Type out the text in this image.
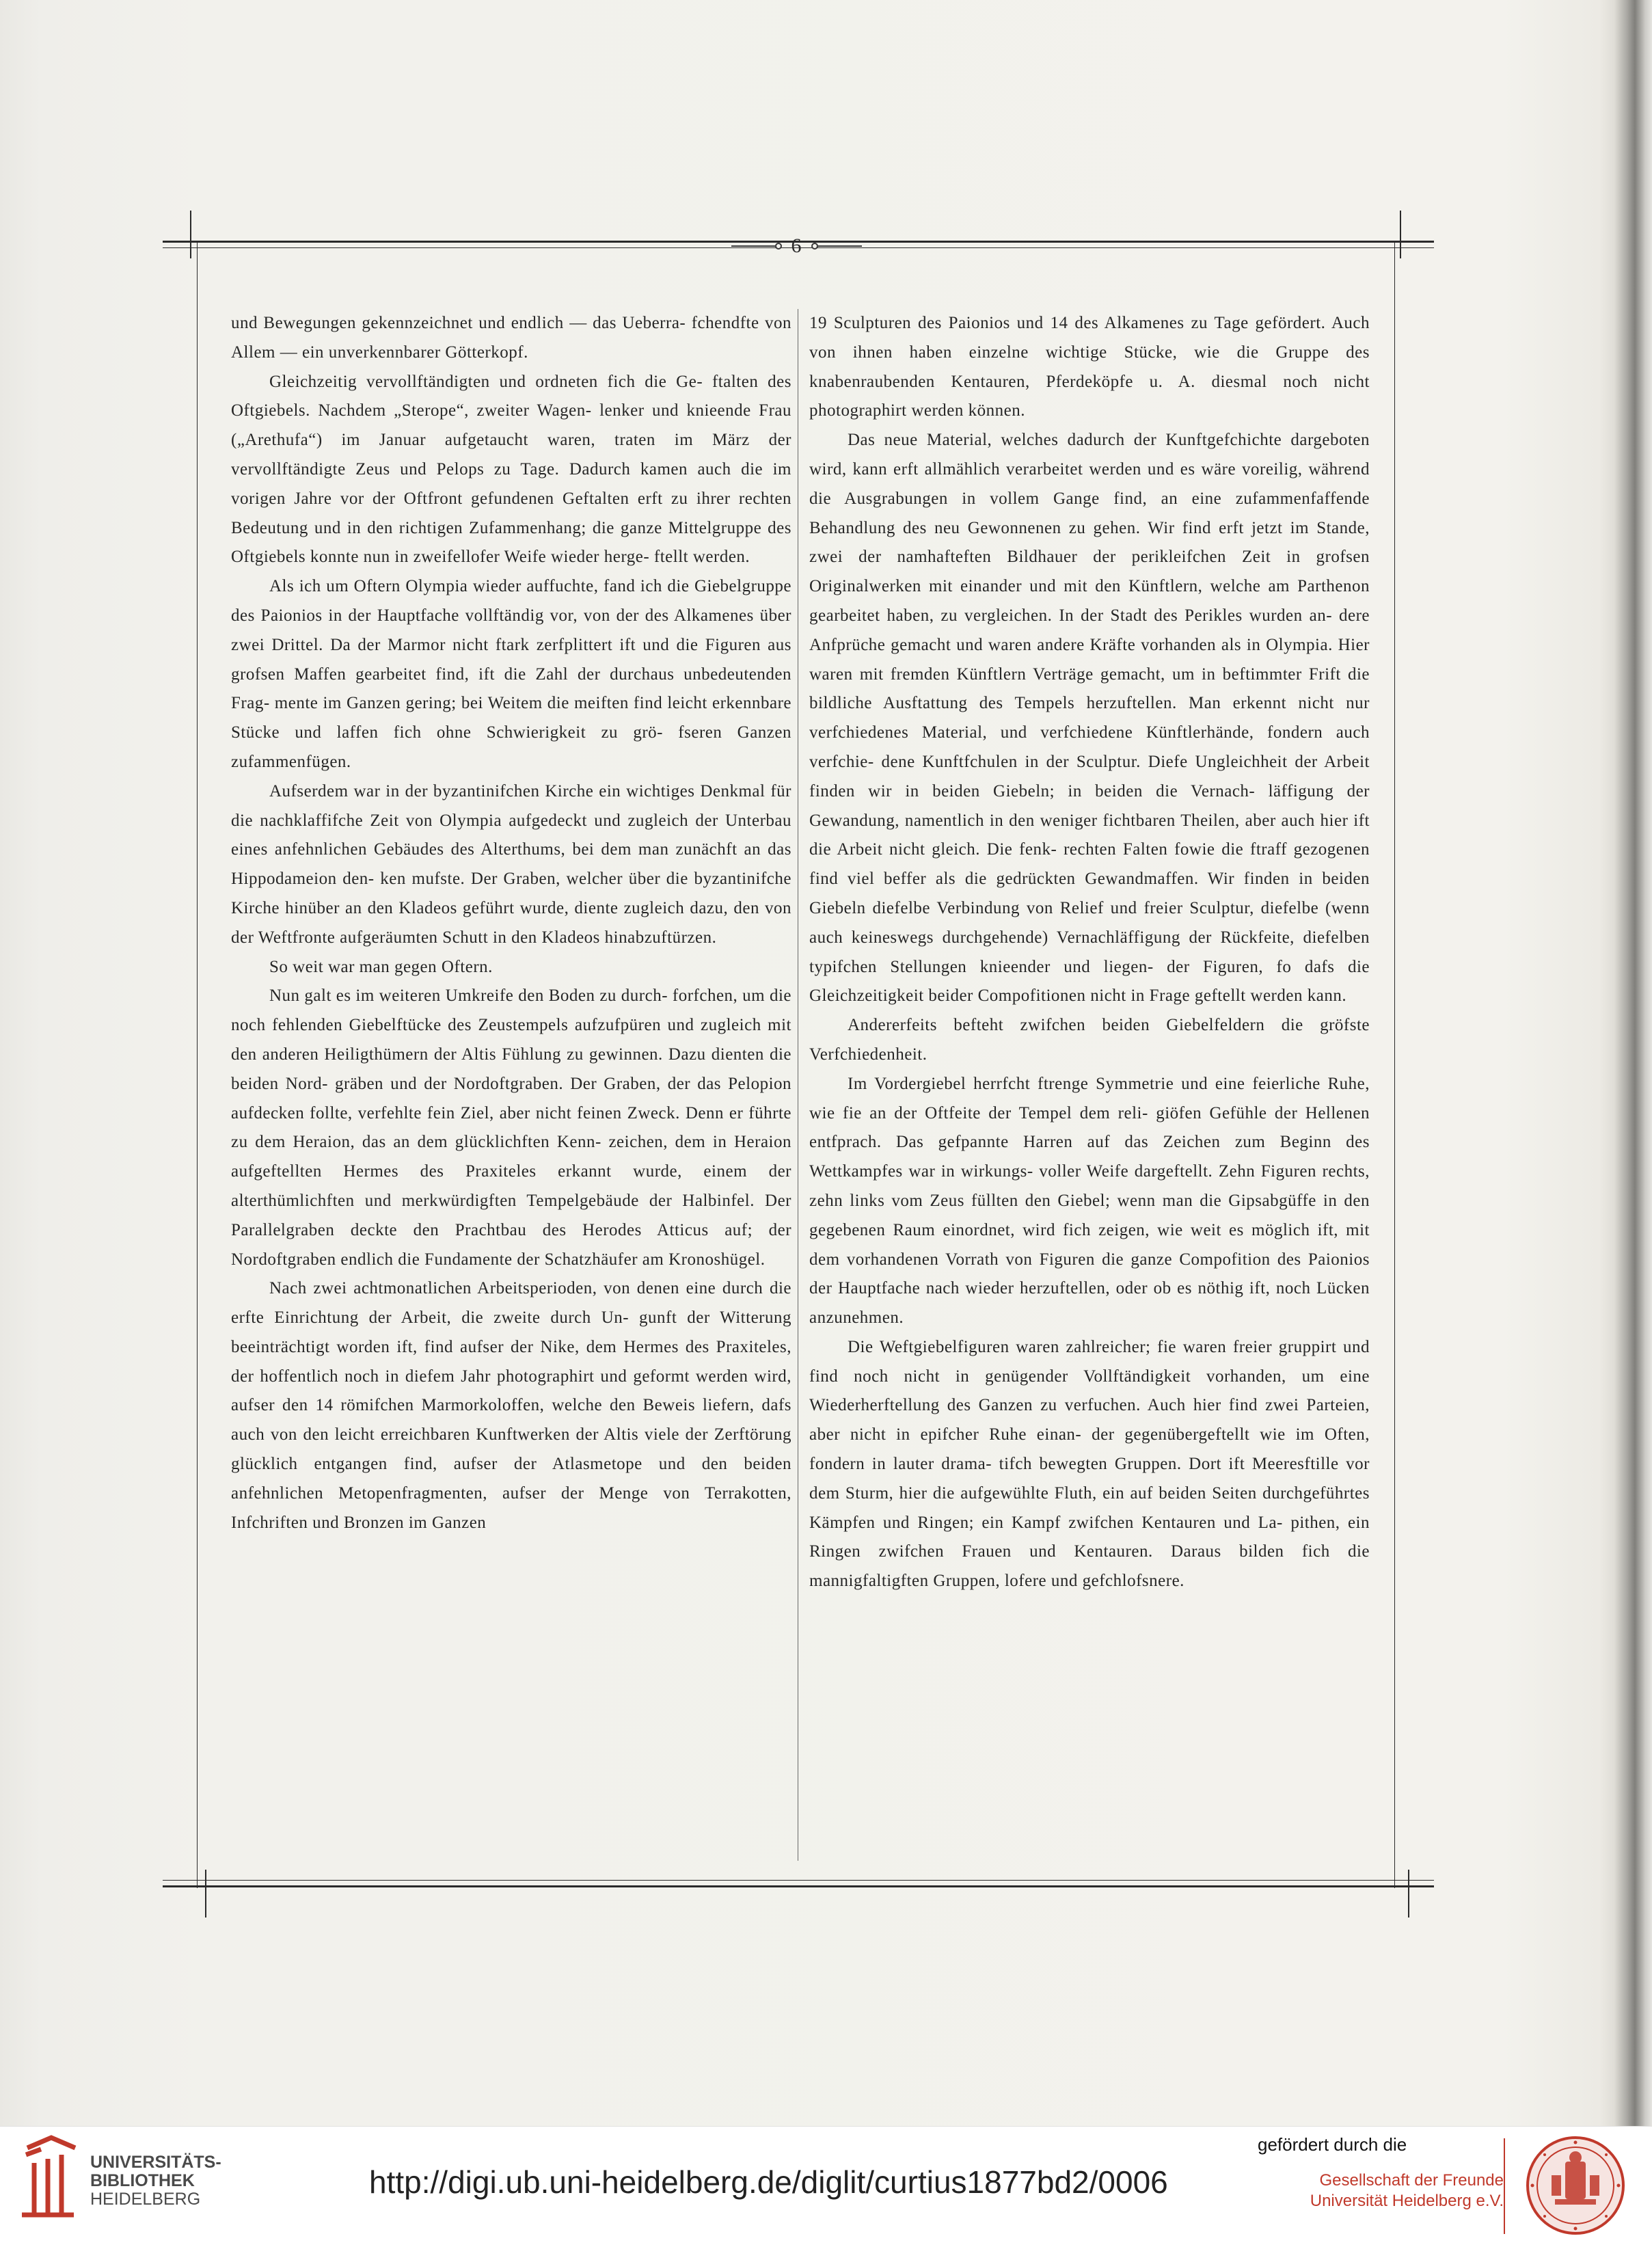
6

und Bewegungen gekennzeichnet und endlich — das Ueberra- fchendfte von Allem — ein unverkennbarer Götterkopf.

Gleichzeitig vervollftändigten und ordneten fich die Ge- ftalten des Oftgiebels. Nachdem „Sterope“, zweiter Wagen- lenker und knieende Frau („Arethufa“) im Januar aufgetaucht waren, traten im März der vervollftändigte Zeus und Pelops zu Tage. Dadurch kamen auch die im vorigen Jahre vor der Oftfront gefundenen Geftalten erft zu ihrer rechten Bedeutung und in den richtigen Zufammenhang; die ganze Mittelgruppe des Oftgiebels konnte nun in zweifellofer Weife wieder herge- ftellt werden.

Als ich um Oftern Olympia wieder auffuchte, fand ich die Giebelgruppe des Paionios in der Hauptfache vollftändig vor, von der des Alkamenes über zwei Drittel. Da der Marmor nicht ftark zerfplittert ift und die Figuren aus grofsen Maffen gearbeitet find, ift die Zahl der durchaus unbedeutenden Frag- mente im Ganzen gering; bei Weitem die meiften find leicht erkennbare Stücke und laffen fich ohne Schwierigkeit zu grö- fseren Ganzen zufammenfügen.

Aufserdem war in der byzantinifchen Kirche ein wichtiges Denkmal für die nachklaffifche Zeit von Olympia aufgedeckt und zugleich der Unterbau eines anfehnlichen Gebäudes des Alterthums, bei dem man zunächft an das Hippodameion den- ken mufste. Der Graben, welcher über die byzantinifche Kirche hinüber an den Kladeos geführt wurde, diente zugleich dazu, den von der Weftfronte aufgeräumten Schutt in den Kladeos hinabzuftürzen.

So weit war man gegen Oftern.

Nun galt es im weiteren Umkreife den Boden zu durch- forfchen, um die noch fehlenden Giebelftücke des Zeustempels aufzufpüren und zugleich mit den anderen Heiligthümern der Altis Fühlung zu gewinnen. Dazu dienten die beiden Nord- gräben und der Nordoftgraben. Der Graben, der das Pelopion aufdecken follte, verfehlte fein Ziel, aber nicht feinen Zweck. Denn er führte zu dem Heraion, das an dem glücklichften Kenn- zeichen, dem in Heraion aufgeftellten Hermes des Praxiteles erkannt wurde, einem der alterthümlichften und merkwürdigften Tempelgebäude der Halbinfel. Der Parallelgraben deckte den Prachtbau des Herodes Atticus auf; der Nordoftgraben endlich die Fundamente der Schatzhäufer am Kronoshügel.

Nach zwei achtmonatlichen Arbeitsperioden, von denen eine durch die erfte Einrichtung der Arbeit, die zweite durch Un- gunft der Witterung beeinträchtigt worden ift, find aufser der Nike, dem Hermes des Praxiteles, der hoffentlich noch in diefem Jahr photographirt und geformt werden wird, aufser den 14 römifchen Marmorkoloffen, welche den Beweis liefern, dafs auch von den leicht erreichbaren Kunftwerken der Altis viele der Zerftörung glücklich entgangen find, aufser der Atlasmetope und den beiden anfehnlichen Metopenfragmenten, aufser der Menge von Terrakotten, Infchriften und Bronzen im Ganzen

19 Sculpturen des Paionios und 14 des Alkamenes zu Tage gefördert. Auch von ihnen haben einzelne wichtige Stücke, wie die Gruppe des knabenraubenden Kentauren, Pferdeköpfe u. A. diesmal noch nicht photographirt werden können.

Das neue Material, welches dadurch der Kunftgefchichte dargeboten wird, kann erft allmählich verarbeitet werden und es wäre voreilig, während die Ausgrabungen in vollem Gange find, an eine zufammenfaffende Behandlung des neu Gewonnenen zu gehen. Wir find erft jetzt im Stande, zwei der namhafteften Bildhauer der perikleifchen Zeit in grofsen Originalwerken mit einander und mit den Künftlern, welche am Parthenon gearbeitet haben, zu vergleichen. In der Stadt des Perikles wurden an- dere Anfprüche gemacht und waren andere Kräfte vorhanden als in Olympia. Hier waren mit fremden Künftlern Verträge gemacht, um in beftimmter Frift die bildliche Ausftattung des Tempels herzuftellen. Man erkennt nicht nur verfchiedenes Material, und verfchiedene Künftlerhände, fondern auch verfchie- dene Kunftfchulen in der Sculptur. Diefe Ungleichheit der Arbeit finden wir in beiden Giebeln; in beiden die Vernach- läffigung der Gewandung, namentlich in den weniger fichtbaren Theilen, aber auch hier ift die Arbeit nicht gleich. Die fenk- rechten Falten fowie die ftraff gezogenen find viel beffer als die gedrückten Gewandmaffen. Wir finden in beiden Giebeln diefelbe Verbindung von Relief und freier Sculptur, diefelbe (wenn auch keineswegs durchgehende) Vernachläffigung der Rückfeite, diefelben typifchen Stellungen knieender und liegen- der Figuren, fo dafs die Gleichzeitigkeit beider Compofitionen nicht in Frage geftellt werden kann.

Andererfeits befteht zwifchen beiden Giebelfeldern die gröfste Verfchiedenheit.

Im Vordergiebel herrfcht ftrenge Symmetrie und eine feierliche Ruhe, wie fie an der Oftfeite der Tempel dem reli- giöfen Gefühle der Hellenen entfprach. Das gefpannte Harren auf das Zeichen zum Beginn des Wettkampfes war in wirkungs- voller Weife dargeftellt. Zehn Figuren rechts, zehn links vom Zeus füllten den Giebel; wenn man die Gipsabgüffe in den gegebenen Raum einordnet, wird fich zeigen, wie weit es möglich ift, mit dem vorhandenen Vorrath von Figuren die ganze Compofition des Paionios der Hauptfache nach wieder herzuftellen, oder ob es nöthig ift, noch Lücken anzunehmen.

Die Weftgiebelfiguren waren zahlreicher; fie waren freier gruppirt und find noch nicht in genügender Vollftändigkeit vorhanden, um eine Wiederherftellung des Ganzen zu verfuchen. Auch hier find zwei Parteien, aber nicht in epifcher Ruhe einan- der gegenübergeftellt wie im Often, fondern in lauter drama- tifch bewegten Gruppen. Dort ift Meeresftille vor dem Sturm, hier die aufgewühlte Fluth, ein auf beiden Seiten durchgeführtes Kämpfen und Ringen; ein Kampf zwifchen Kentauren und La- pithen, ein Ringen zwifchen Frauen und Kentauren. Daraus bilden fich die mannigfaltigften Gruppen, lofere und gefchlofsnere.

UNIVERSITÄTS-
BIBLIOTHEK
HEIDELBERG	http://digi.ub.uni-heidelberg.de/diglit/curtius1877bd2/0006
gefördert durch die
Gesellschaft der Freunde
Universität Heidelberg e.V.
